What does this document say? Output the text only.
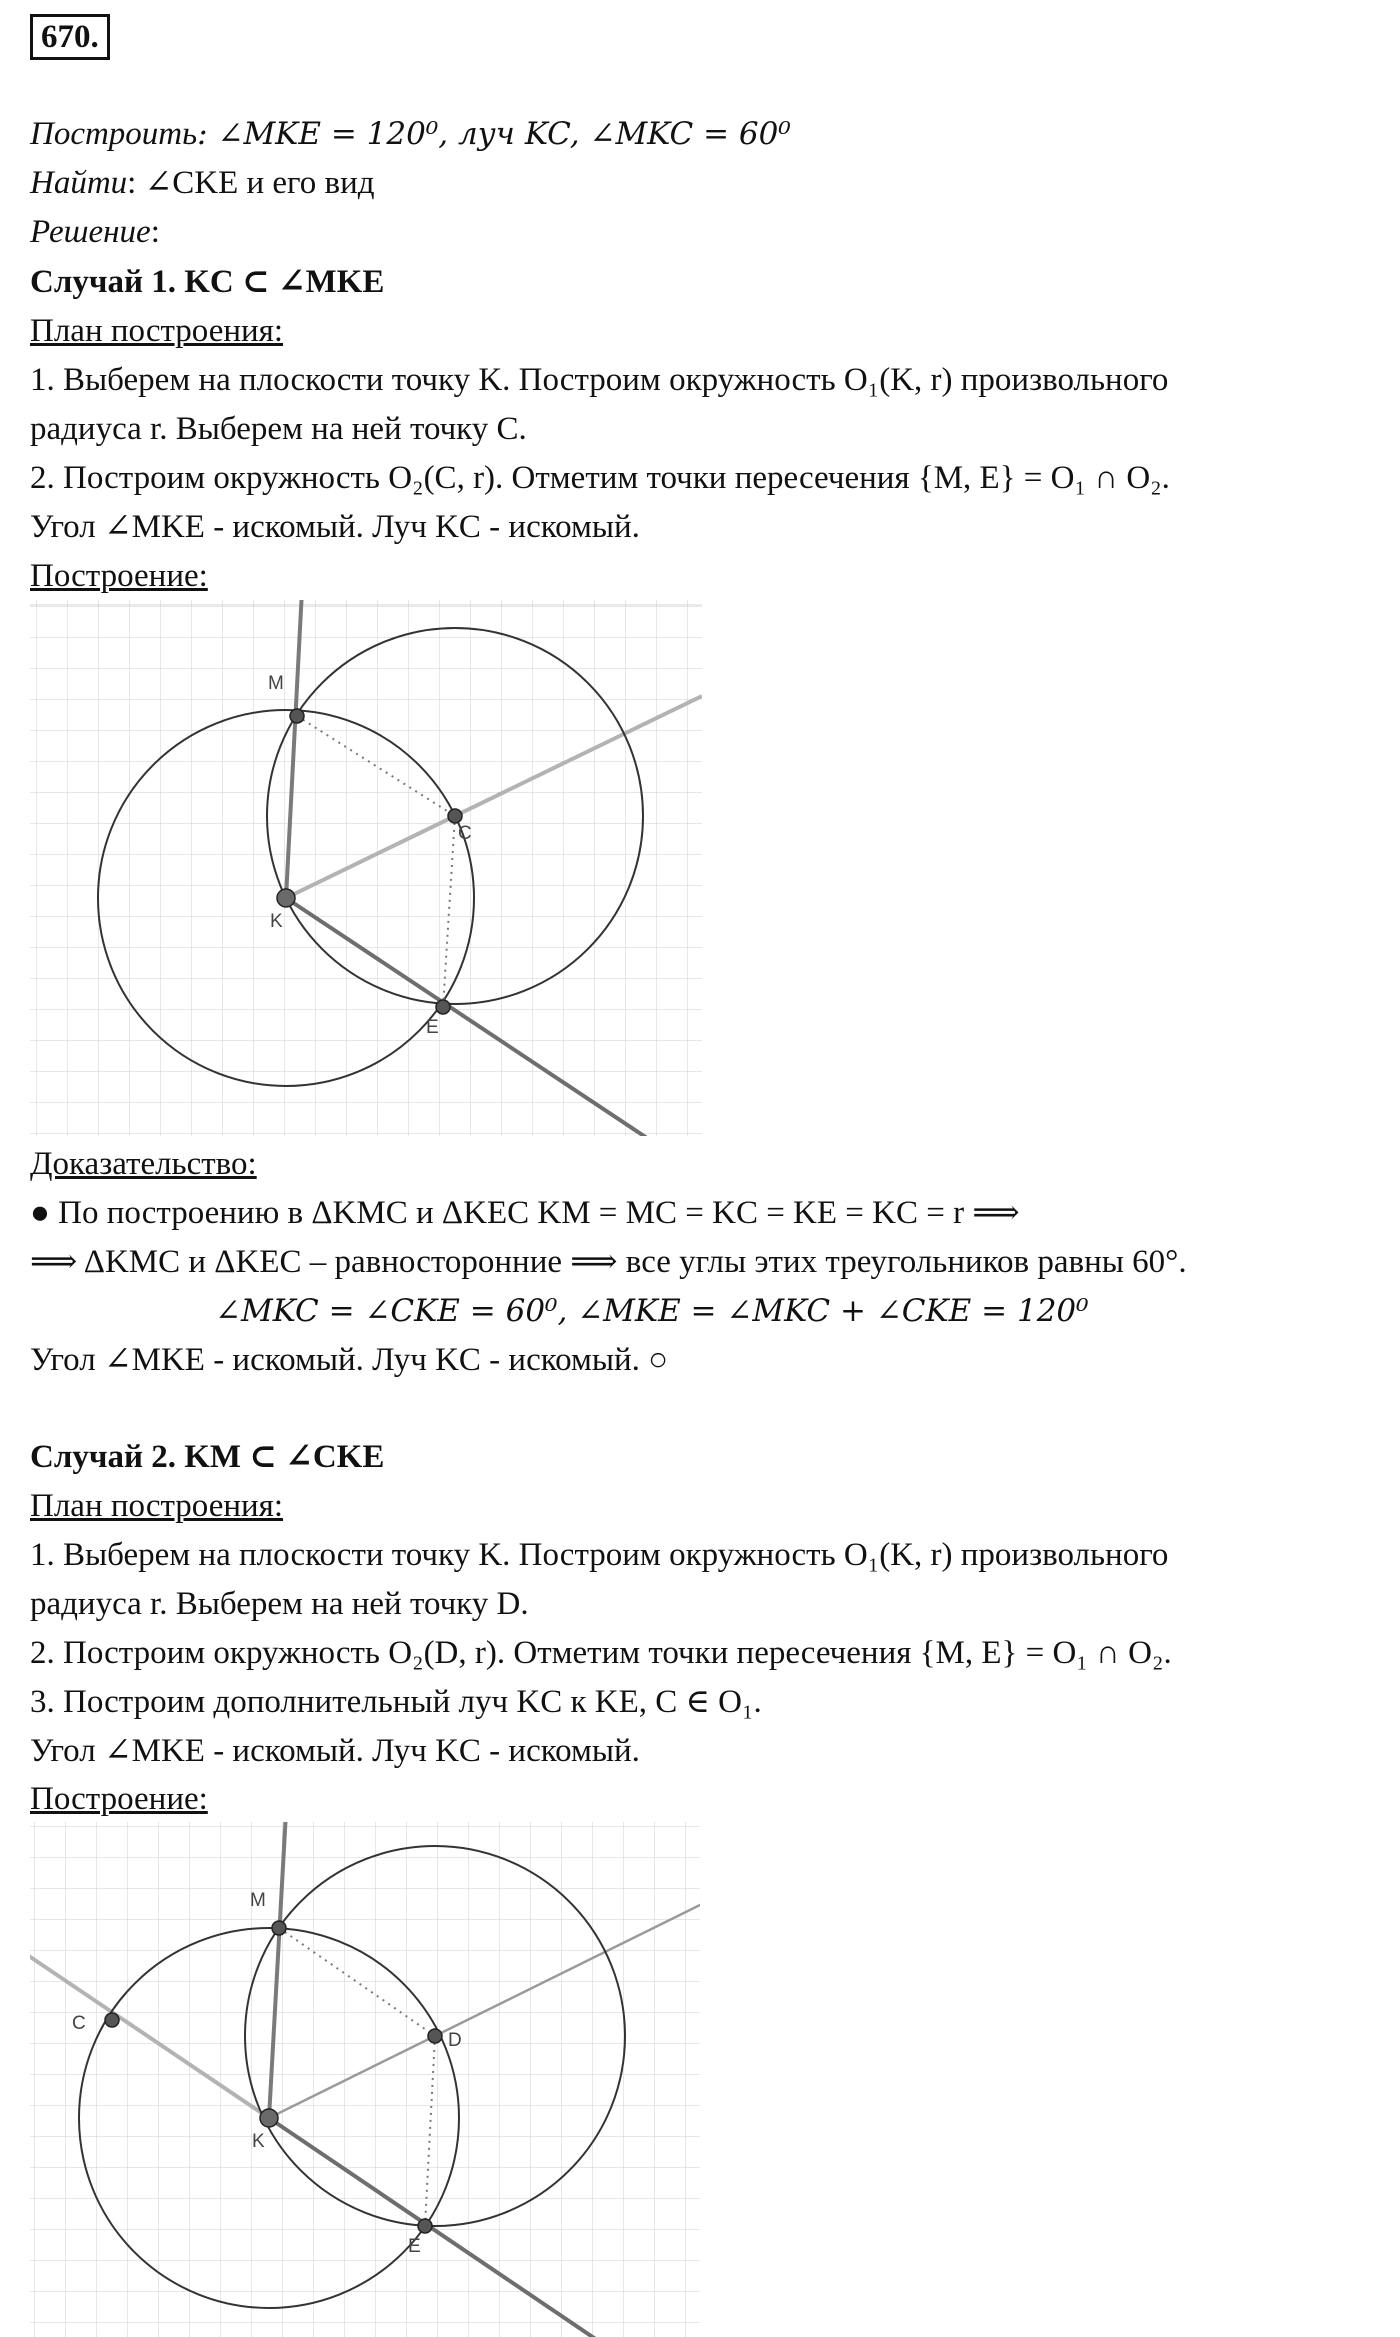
670.
Построить: ∠MKE = 120⁰, луч KC, ∠MKC = 60⁰
Найти: ∠CKE и его вид
Решение:
Случай 1. KC ⊂ ∠MKE
План построения:
1. Выберем на плоскости точку K. Построим окружность O₁(K, r) произвольного
радиуса r. Выберем на ней точку C.
2. Построим окружность O₂(C, r). Отметим точки пересечения {M, E} = O₁ ∩ O₂.
Угол ∠MKE - искомый. Луч KC - искомый.
Построение:
M
C
K
E
Доказательство:
● По построению в ΔKMC и ΔKEC KM = MC = KC = KE = KC = r ⟹
⟹ ΔKMC и ΔKEC – равносторонние ⟹ все углы этих треугольников равны 60°.
∠MKC = ∠CKE = 60⁰, ∠MKE = ∠MKC + ∠CKE = 120⁰
Угол ∠MKE - искомый. Луч KC - искомый. ○
Случай 2. KM ⊂ ∠CKE
План построения:
1. Выберем на плоскости точку K. Построим окружность O₁(K, r) произвольного
радиуса r. Выберем на ней точку D.
2. Построим окружность O₂(D, r). Отметим точки пересечения {M, E} = O₁ ∩ O₂.
3. Построим дополнительный луч KC к KE, C ∈ O₁.
Угол ∠MKE - искомый. Луч KC - искомый.
Построение:
M
C
K
D
E
